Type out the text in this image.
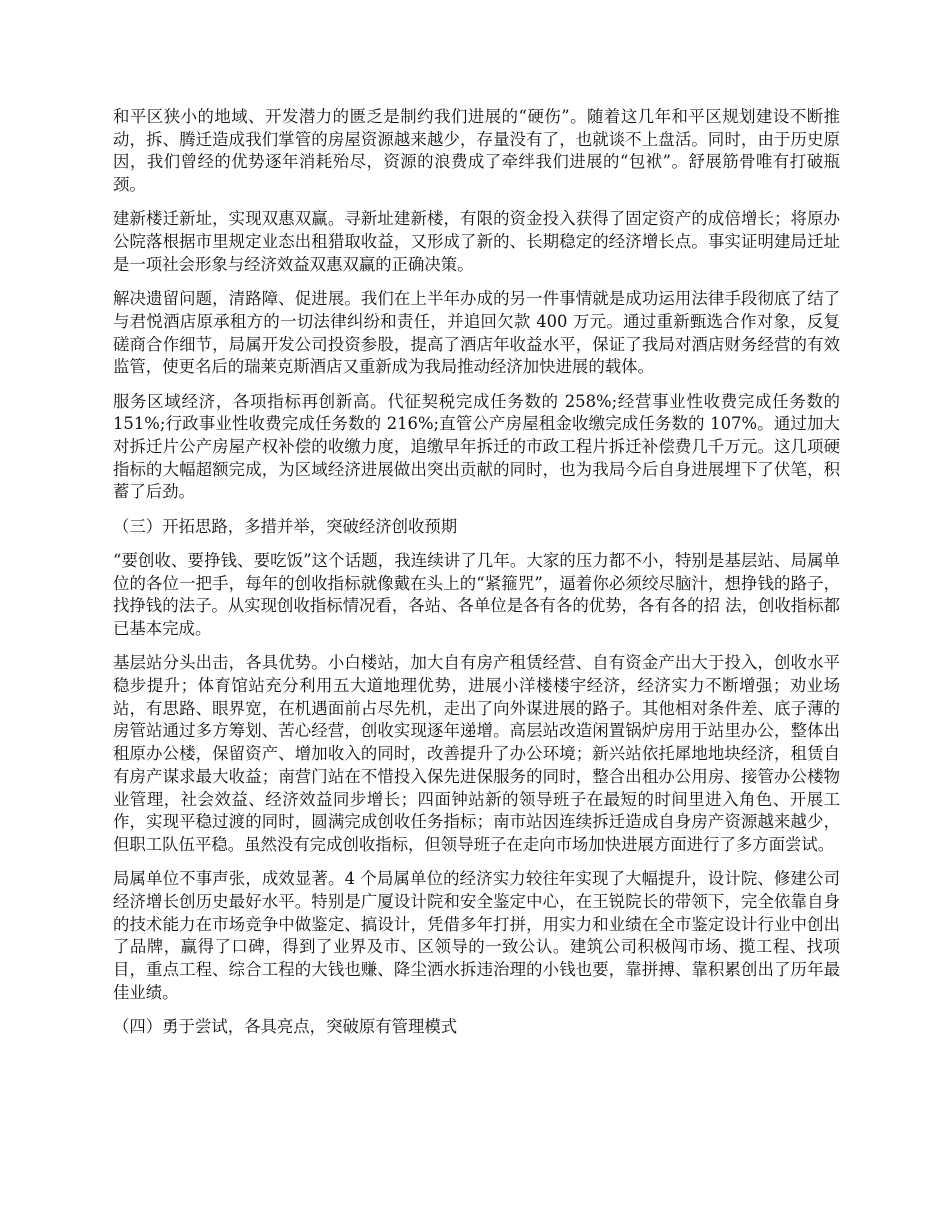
和平区狭小的地域、开发潜力的匮乏是制约我们进展的“硬伤”。随着这几年和平区规划建设不断推动，拆、腾迁造成我们掌管的房屋资源越来越少，存量没有了，也就谈不上盘活。同时，由于历史原因，我们曾经的优势逐年消耗殆尽，资源的浪费成了牵绊我们进展的“包袱”。舒展筋骨唯有打破瓶颈。

建新楼迁新址，实现双惠双赢。寻新址建新楼，有限的资金投入获得了固定资产的成倍增长；将原办公院落根据市里规定业态出租猎取收益，又形成了新的、长期稳定的经济增长点。事实证明建局迁址是一项社会形象与经济效益双惠双赢的正确决策。

解决遗留问题，清路障、促进展。我们在上半年办成的另一件事情就是成功运用法律手段彻底了结了与君悦酒店原承租方的一切法律纠纷和责任，并追回欠款 400 万元。通过重新甄选合作对象，反复磋商合作细节，局属开发公司投资参股，提高了酒店年收益水平，保证了我局对酒店财务经营的有效监管，使更名后的瑞莱克斯酒店又重新成为我局推动经济加快进展的载体。

服务区域经济，各项指标再创新高。代征契税完成任务数的 258%;经营事业性收费完成任务数的 151%;行政事业性收费完成任务数的 216%;直管公产房屋租金收缴完成任务数的 107%。通过加大对拆迁片公产房屋产权补偿的收缴力度，追缴早年拆迁的市政工程片拆迁补偿费几千万元。这几项硬指标的大幅超额完成，为区域经济进展做出突出贡献的同时，也为我局今后自身进展埋下了伏笔，积蓄了后劲。

（三）开拓思路，多措并举，突破经济创收预期

“要创收、要挣钱、要吃饭”这个话题，我连续讲了几年。大家的压力都不小，特别是基层站、局属单位的各位一把手，每年的创收指标就像戴在头上的“紧箍咒”，逼着你必须绞尽脑汁，想挣钱的路子，找挣钱的法子。从实现创收指标情况看，各站、各单位是各有各的优势，各有各的招 法，创收指标都已基本完成。

基层站分头出击，各具优势。小白楼站，加大自有房产租赁经营、自有资金产出大于投入，创收水平稳步提升；体育馆站充分利用五大道地理优势，进展小洋楼楼宇经济，经济实力不断增强；劝业场站，有思路、眼界宽，在机遇面前占尽先机，走出了向外谋进展的路子。其他相对条件差、底子薄的房管站通过多方筹划、苦心经营，创收实现逐年递增。高层站改造闲置锅炉房用于站里办公，整体出租原办公楼，保留资产、增加收入的同时，改善提升了办公环境；新兴站依托犀地地块经济，租赁自有房产谋求最大收益；南营门站在不惜投入保先进保服务的同时，整合出租办公用房、接管办公楼物业管理，社会效益、经济效益同步增长；四面钟站新的领导班子在最短的时间里进入角色、开展工作，实现平稳过渡的同时，圆满完成创收任务指标；南市站因连续拆迁造成自身房产资源越来越少，但职工队伍平稳。虽然没有完成创收指标，但领导班子在走向市场加快进展方面进行了多方面尝试。

局属单位不事声张，成效显著。4 个局属单位的经济实力较往年实现了大幅提升，设计院、修建公司经济增长创历史最好水平。特别是广厦设计院和安全鉴定中心，在王锐院长的带领下，完全依靠自身的技术能力在市场竞争中做鉴定、搞设计，凭借多年打拼，用实力和业绩在全市鉴定设计行业中创出了品牌，赢得了口碑，得到了业界及市、区领导的一致公认。建筑公司积极闯市场、揽工程、找项目，重点工程、综合工程的大钱也赚、降尘洒水拆违治理的小钱也要，靠拼搏、靠积累创出了历年最佳业绩。

（四）勇于尝试，各具亮点，突破原有管理模式
